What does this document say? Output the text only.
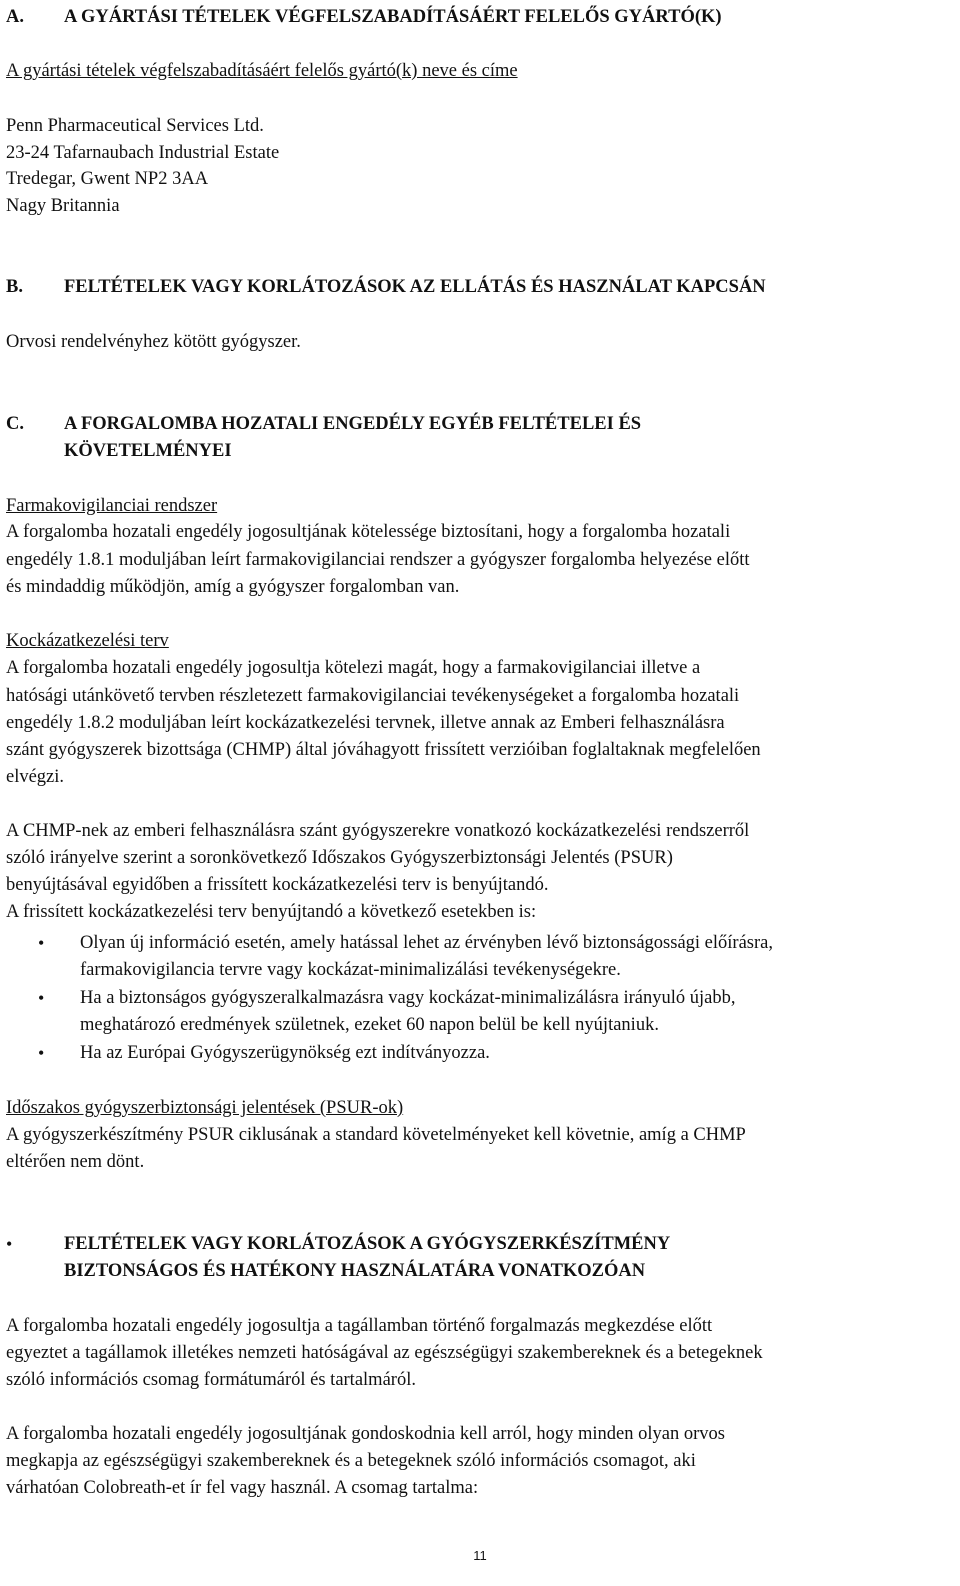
A. A GYÁRTÁSI TÉTELEK VÉGFELSZABADÍTÁSÁÉRT FELELŐS GYÁRTÓ(K)
A gyártási tételek végfelszabadításáért felelős gyártó(k) neve és címe
Penn Pharmaceutical Services Ltd.
23-24 Tafarnaubach Industrial Estate
Tredegar, Gwent NP2 3AA
Nagy Britannia
B. FELTÉTELEK VAGY KORLÁTOZÁSOK AZ ELLÁTÁS ÉS HASZNÁLAT KAPCSÁN
Orvosi rendelvényhez kötött gyógyszer.
C. A FORGALOMBA HOZATALI ENGEDÉLY EGYÉB FELTÉTELEI ÉS
KÖVETELMÉNYEI
Farmakovigilanciai rendszer
A forgalomba hozatali engedély jogosultjának kötelessége biztosítani, hogy a forgalomba hozatali
engedély 1.8.1 moduljában leírt farmakovigilanciai rendszer a gyógyszer forgalomba helyezése előtt
és mindaddig működjön, amíg a gyógyszer forgalomban van.
Kockázatkezelési terv
A forgalomba hozatali engedély jogosultja kötelezi magát, hogy a farmakovigilanciai illetve a
hatósági utánkövető tervben részletezett farmakovigilanciai tevékenységeket a forgalomba hozatali
engedély 1.8.2 moduljában leírt kockázatkezelési tervnek, illetve annak az Emberi felhasználásra
szánt gyógyszerek bizottsága (CHMP) által jóváhagyott frissített verzióiban foglaltaknak megfelelően
elvégzi.
A CHMP-nek az emberi felhasználásra szánt gyógyszerekre vonatkozó kockázatkezelési rendszerről
szóló irányelve szerint a soronkövetkező Időszakos Gyógyszerbiztonsági Jelentés (PSUR)
benyújtásával egyidőben a frissített kockázatkezelési terv is benyújtandó.
A frissített kockázatkezelési terv benyújtandó a következő esetekben is:
• Olyan új információ esetén, amely hatással lehet az érvényben lévő biztonságossági előírásra,
farmakovigilancia tervre vagy kockázat-minimalizálási tevékenységekre.
• Ha a biztonságos gyógyszeralkalmazásra vagy kockázat-minimalizálásra irányuló újabb,
meghatározó eredmények születnek, ezeket 60 napon belül be kell nyújtaniuk.
• Ha az Európai Gyógyszerügynökség ezt indítványozza.
Időszakos gyógyszerbiztonsági jelentések (PSUR-ok)
A gyógyszerkészítmény PSUR ciklusának a standard követelményeket kell követnie, amíg a CHMP
eltérően nem dönt.
•	FELTÉTELEK VAGY KORLÁTOZÁSOK A GYÓGYSZERKÉSZÍTMÉNY
BIZTONSÁGOS ÉS HATÉKONY HASZNÁLATÁRA VONATKOZÓAN
A forgalomba hozatali engedély jogosultja a tagállamban történő forgalmazás megkezdése előtt
egyeztet a tagállamok illetékes nemzeti hatóságával az egészségügyi szakembereknek és a betegeknek
szóló információs csomag formátumáról és tartalmáról.
A forgalomba hozatali engedély jogosultjának gondoskodnia kell arról, hogy minden olyan orvos
megkapja az egészségügyi szakembereknek és a betegeknek szóló információs csomagot, aki
várhatóan Colobreath-et ír fel vagy használ. A csomag tartalma:
11
